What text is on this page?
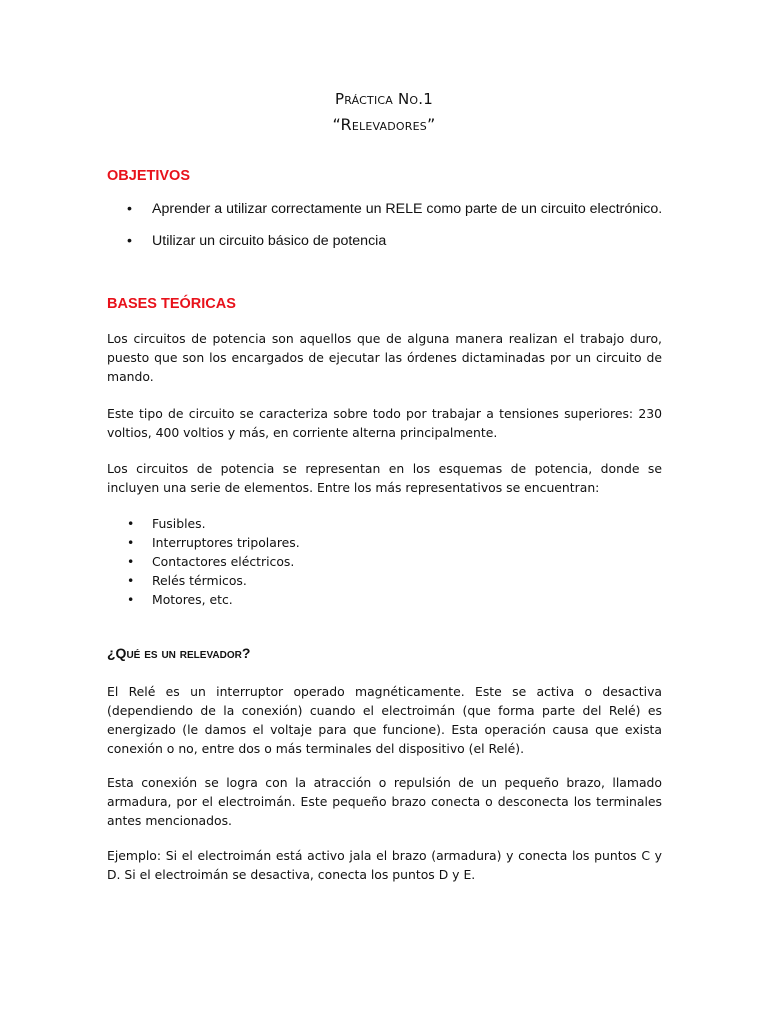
Práctica No.1
“Relevadores”
OBJETIVOS
• Aprender a utilizar correctamente un RELE como parte de un circuito electrónico.
• Utilizar un circuito básico de potencia
BASES TEÓRICAS

Los circuitos de potencia son aquellos que de alguna manera realizan el trabajo duro, puesto que son los encargados de ejecutar las órdenes dictaminadas por un circuito de mando.

Este tipo de circuito se caracteriza sobre todo por trabajar a tensiones superiores: 230 voltios, 400 voltios y más, en corriente alterna principalmente.

Los circuitos de potencia se representan en los esquemas de potencia, donde se incluyen una serie de elementos. Entre los más representativos se encuentran:

• Fusibles.
• Interruptores tripolares.
• Contactores eléctricos.
• Relés térmicos.
• Motores, etc.
¿Qué es un relevador?

El Relé es un interruptor operado magnéticamente. Este se activa o desactiva (dependiendo de la conexión) cuando el electroimán (que forma parte del Relé) es energizado (le damos el voltaje para que funcione). Esta operación causa que exista conexión o no, entre dos o más terminales del dispositivo (el Relé).

Esta conexión se logra con la atracción o repulsión de un pequeño brazo, llamado armadura, por el electroimán. Este pequeño brazo conecta o desconecta los terminales antes mencionados.

Ejemplo: Si el electroimán está activo jala el brazo (armadura) y conecta los puntos C y D. Si el electroimán se desactiva, conecta los puntos D y E.
